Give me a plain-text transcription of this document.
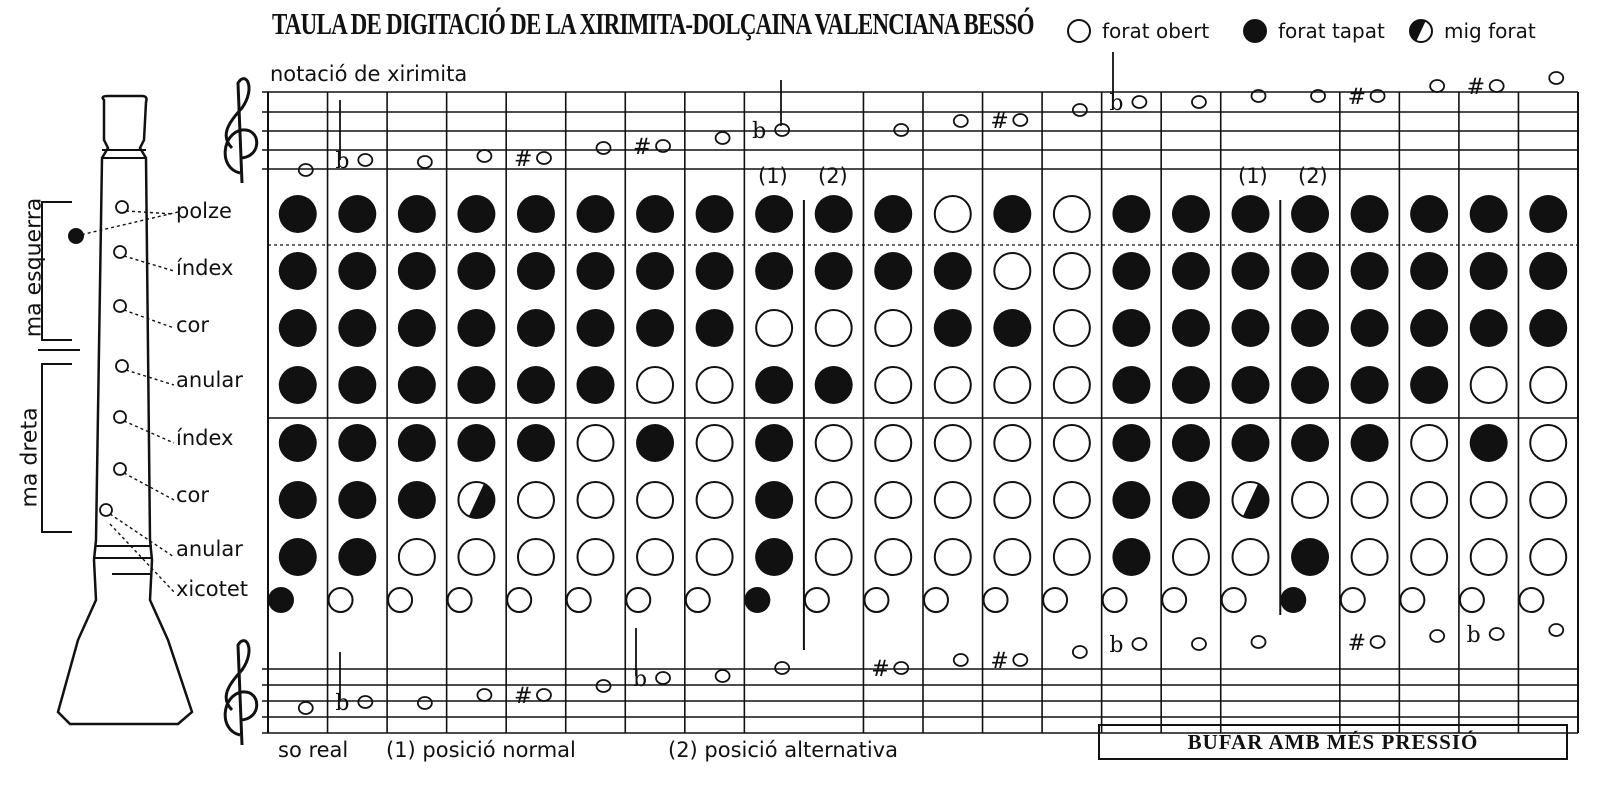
b	#	#
b	#
b	#	#
b	#
b	#	#
b	#	b
TAULA DE DIGITACIÓ DE LA XIRIMITA-DOLÇAINA VALENCIANA BESSÓ	forat obert	forat tapat	mig forat
notació de xirimita
ma esquerra
ma dreta
polze
índex
cor
anular
índex
cor
anular
xicotet
(1) (2)	(1) (2)
so real (1) posició normal	(2) posició alternativa	BUFAR AMB MÉS PRESSIÓ
